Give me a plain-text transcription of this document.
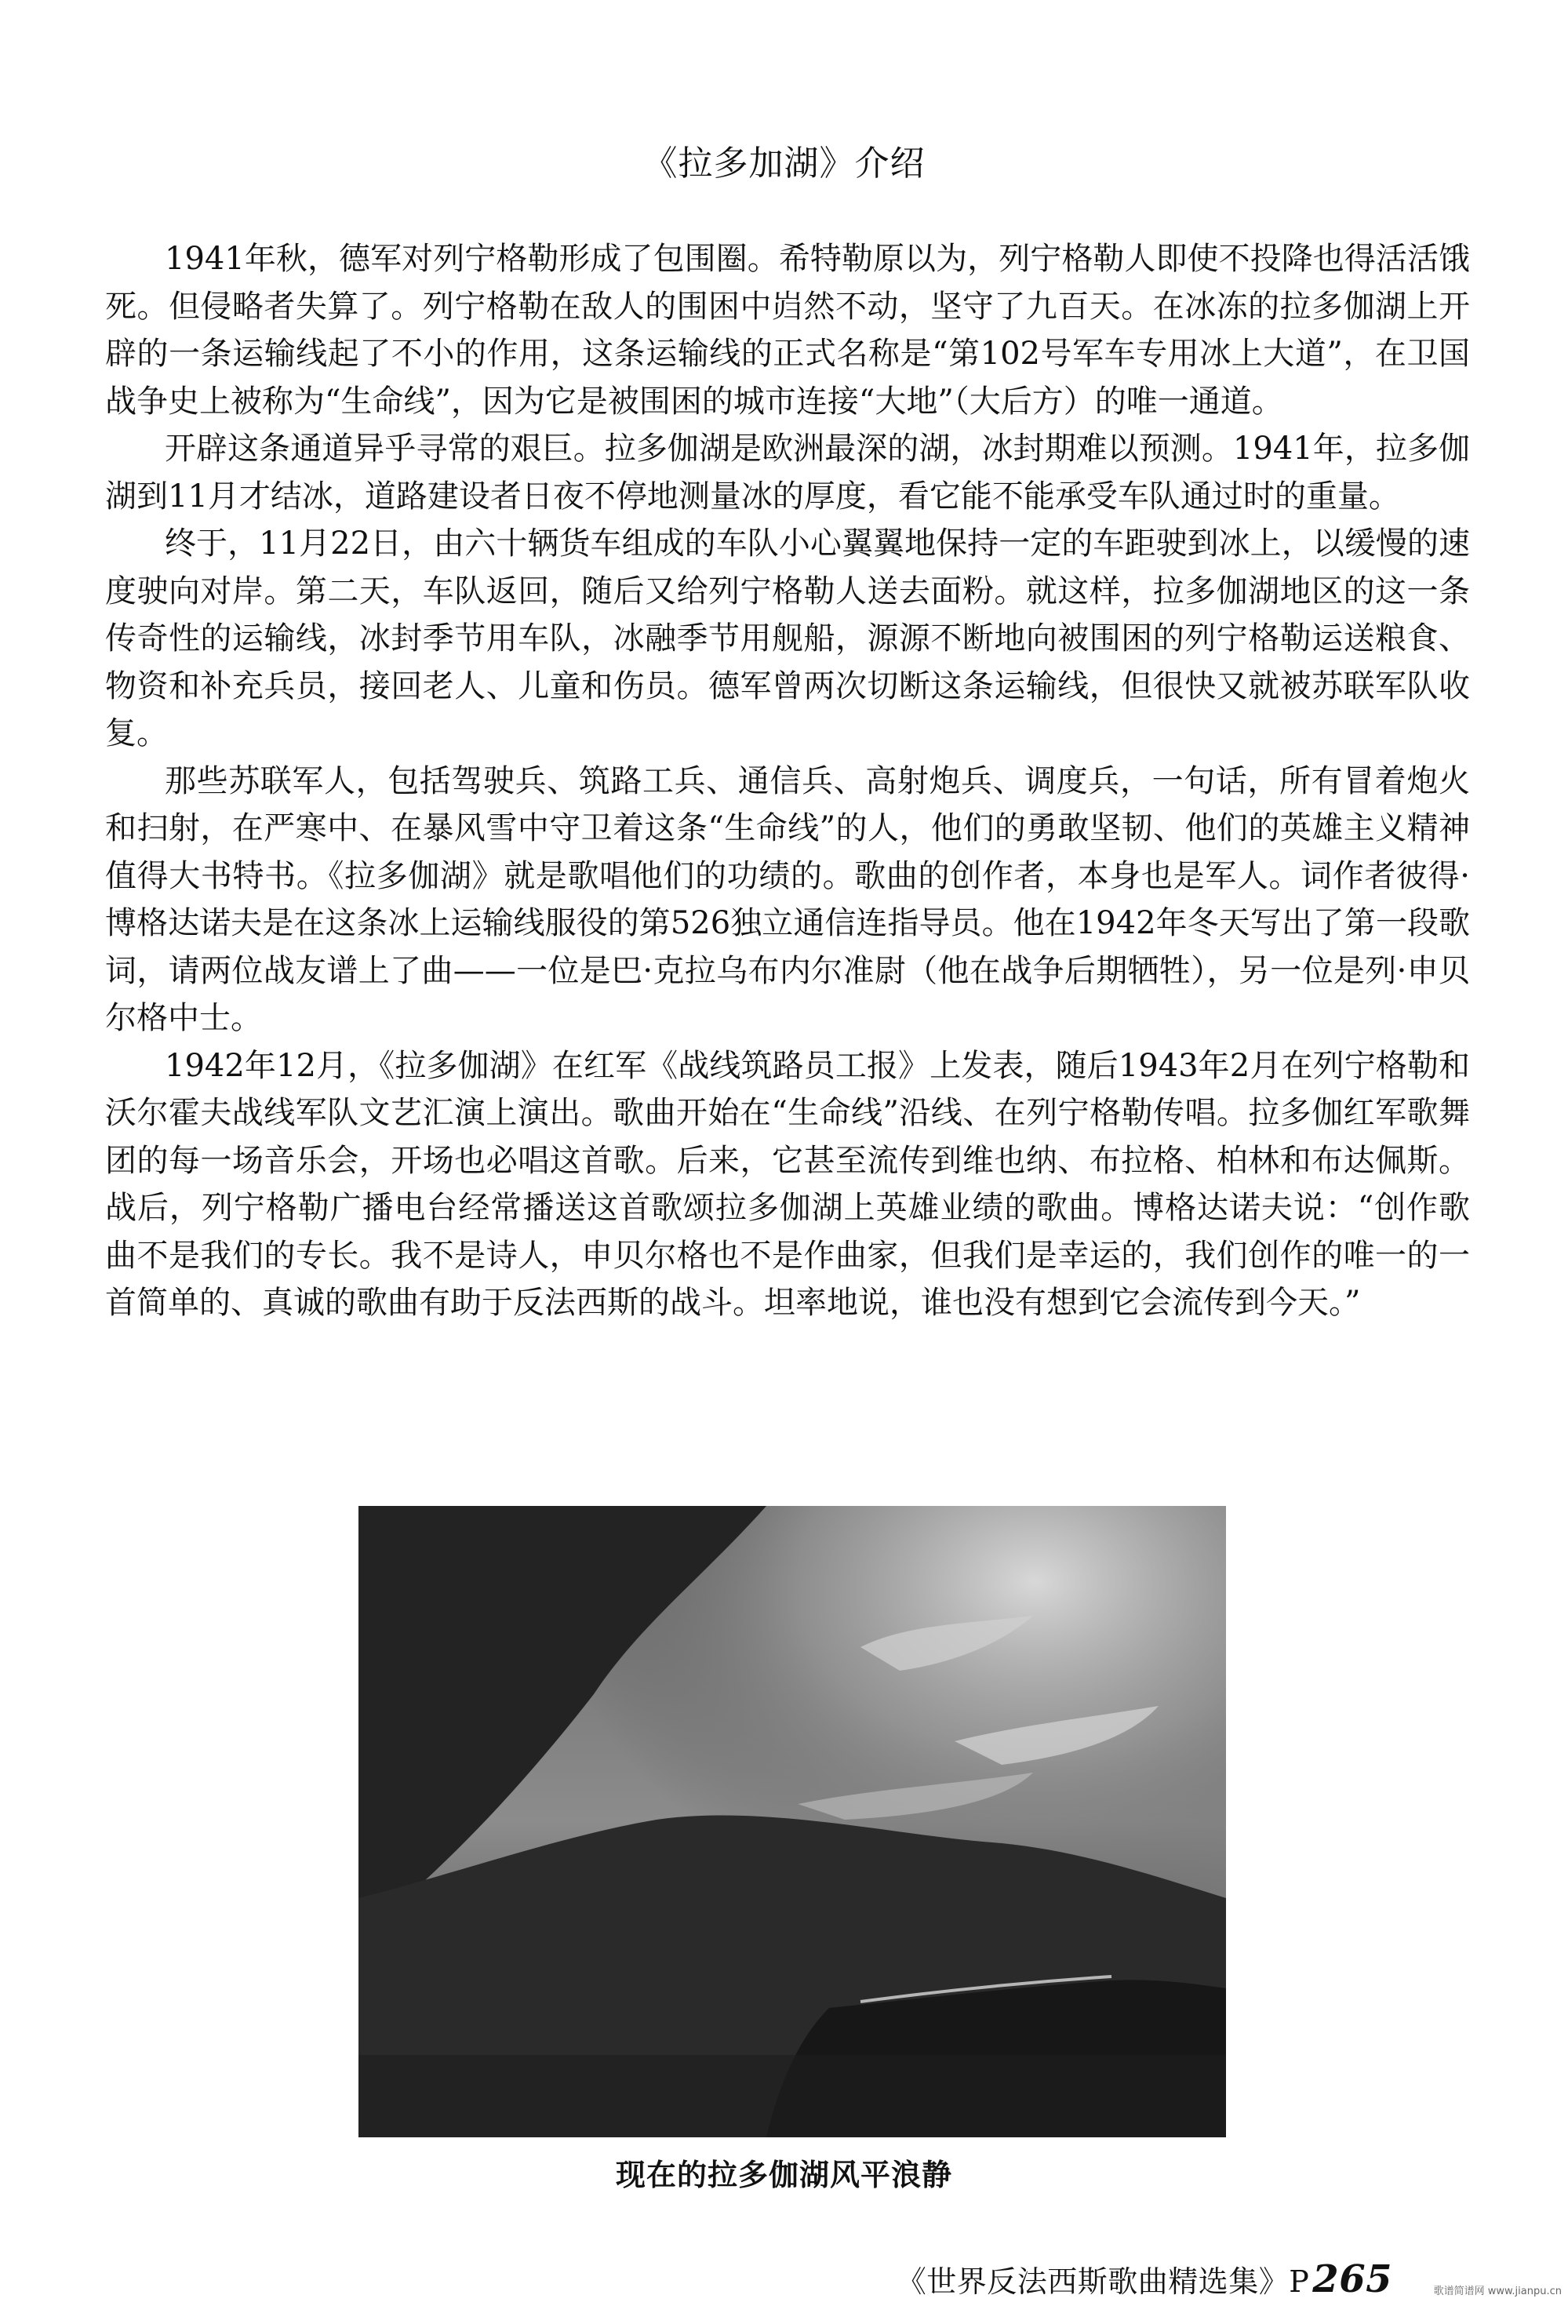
《拉多加湖》介绍

1941年秋，德军对列宁格勒形成了包围圈。希特勒原以为，列宁格勒人即使不投降也得活活饿死。但侵略者失算了。列宁格勒在敌人的围困中岿然不动，坚守了九百天。在冰冻的拉多伽湖上开辟的一条运输线起了不小的作用，这条运输线的正式名称是“第102号军车专用冰上大道”，在卫国战争史上被称为“生命线”，因为它是被围困的城市连接“大地”（大后方）的唯一通道。

开辟这条通道异乎寻常的艰巨。拉多伽湖是欧洲最深的湖，冰封期难以预测。1941年，拉多伽湖到11月才结冰，道路建设者日夜不停地测量冰的厚度，看它能不能承受车队通过时的重量。

终于，11月22日，由六十辆货车组成的车队小心翼翼地保持一定的车距驶到冰上，以缓慢的速度驶向对岸。第二天，车队返回，随后又给列宁格勒人送去面粉。就这样，拉多伽湖地区的这一条传奇性的运输线，冰封季节用车队，冰融季节用舰船，源源不断地向被围困的列宁格勒运送粮食、物资和补充兵员，接回老人、儿童和伤员。德军曾两次切断这条运输线，但很快又就被苏联军队收复。

那些苏联军人，包括驾驶兵、筑路工兵、通信兵、高射炮兵、调度兵，一句话，所有冒着炮火和扫射，在严寒中、在暴风雪中守卫着这条“生命线”的人，他们的勇敢坚韧、他们的英雄主义精神值得大书特书。《拉多伽湖》就是歌唱他们的功绩的。歌曲的创作者，本身也是军人。词作者彼得·博格达诺夫是在这条冰上运输线服役的第526独立通信连指导员。他在1942年冬天写出了第一段歌词，请两位战友谱上了曲——一位是巴·克拉乌布内尔准尉（他在战争后期牺牲），另一位是列·申贝尔格中士。

1942年12月，《拉多伽湖》在红军《战线筑路员工报》上发表，随后1943年2月在列宁格勒和沃尔霍夫战线军队文艺汇演上演出。歌曲开始在“生命线”沿线、在列宁格勒传唱。拉多伽红军歌舞团的每一场音乐会，开场也必唱这首歌。后来，它甚至流传到维也纳、布拉格、柏林和布达佩斯。战后，列宁格勒广播电台经常播送这首歌颂拉多伽湖上英雄业绩的歌曲。博格达诺夫说：“创作歌曲不是我们的专长。我不是诗人，申贝尔格也不是作曲家，但我们是幸运的，我们创作的唯一的一首简单的、真诚的歌曲有助于反法西斯的战斗。坦率地说，谁也没有想到它会流传到今天。”

现在的拉多伽湖风平浪静
《世界反法西斯歌曲精选集》P265	歌谱简谱网 www.jianpu.cn
